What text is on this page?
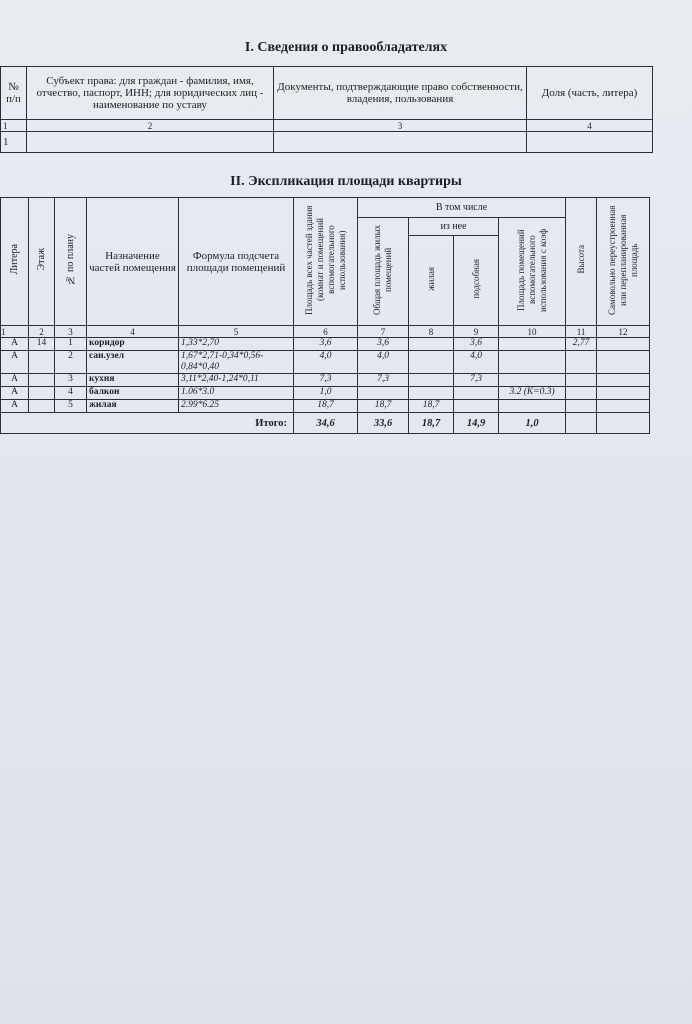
I. Сведения о правообладателях
№ п/п	Субъект права: для граждан - фамилия, имя, отчество, паспорт, ИНН; для юридических лиц - наименование по уставу	Документы, подтверждающие право собственности, владения, пользования	Доля (часть, литера)
1	2	3	4
1			
II. Экспликация площади квартиры
Литера	Этаж	№ по плану	Назначение частей помещения	Формула подсчета площади помещений	Площадь всех частей здания (комнат и помещений вспомогательного использования)	В том числе				Высота	Самовольно переустроенная или перепланированная площадь
						Общая площадь жилых помещений	из нее		Площадь помещений вспомогательного использования с коэф		
							жилая	подсобная			
1	2	3	4	5	6	7	8	9	10	11	12
А	14	1	коридор	1,33*2,70	3,6	3,6		3,6		2,77	
А		2	сан.узел	1,67*2,71-0,34*0,56-0,84*0,40	4,0	4,0		4,0			
А		3	кухня	3,11*2,40-1,24*0,11	7,3	7,3		7,3			
А		4	балкон	1.06*3.0	1,0				3.2 (К=0.3)		
А		5	жилая	2.99*6.25	18,7	18,7	18,7				
Итого:					34,6	33,6	18,7	14,9	1,0		
